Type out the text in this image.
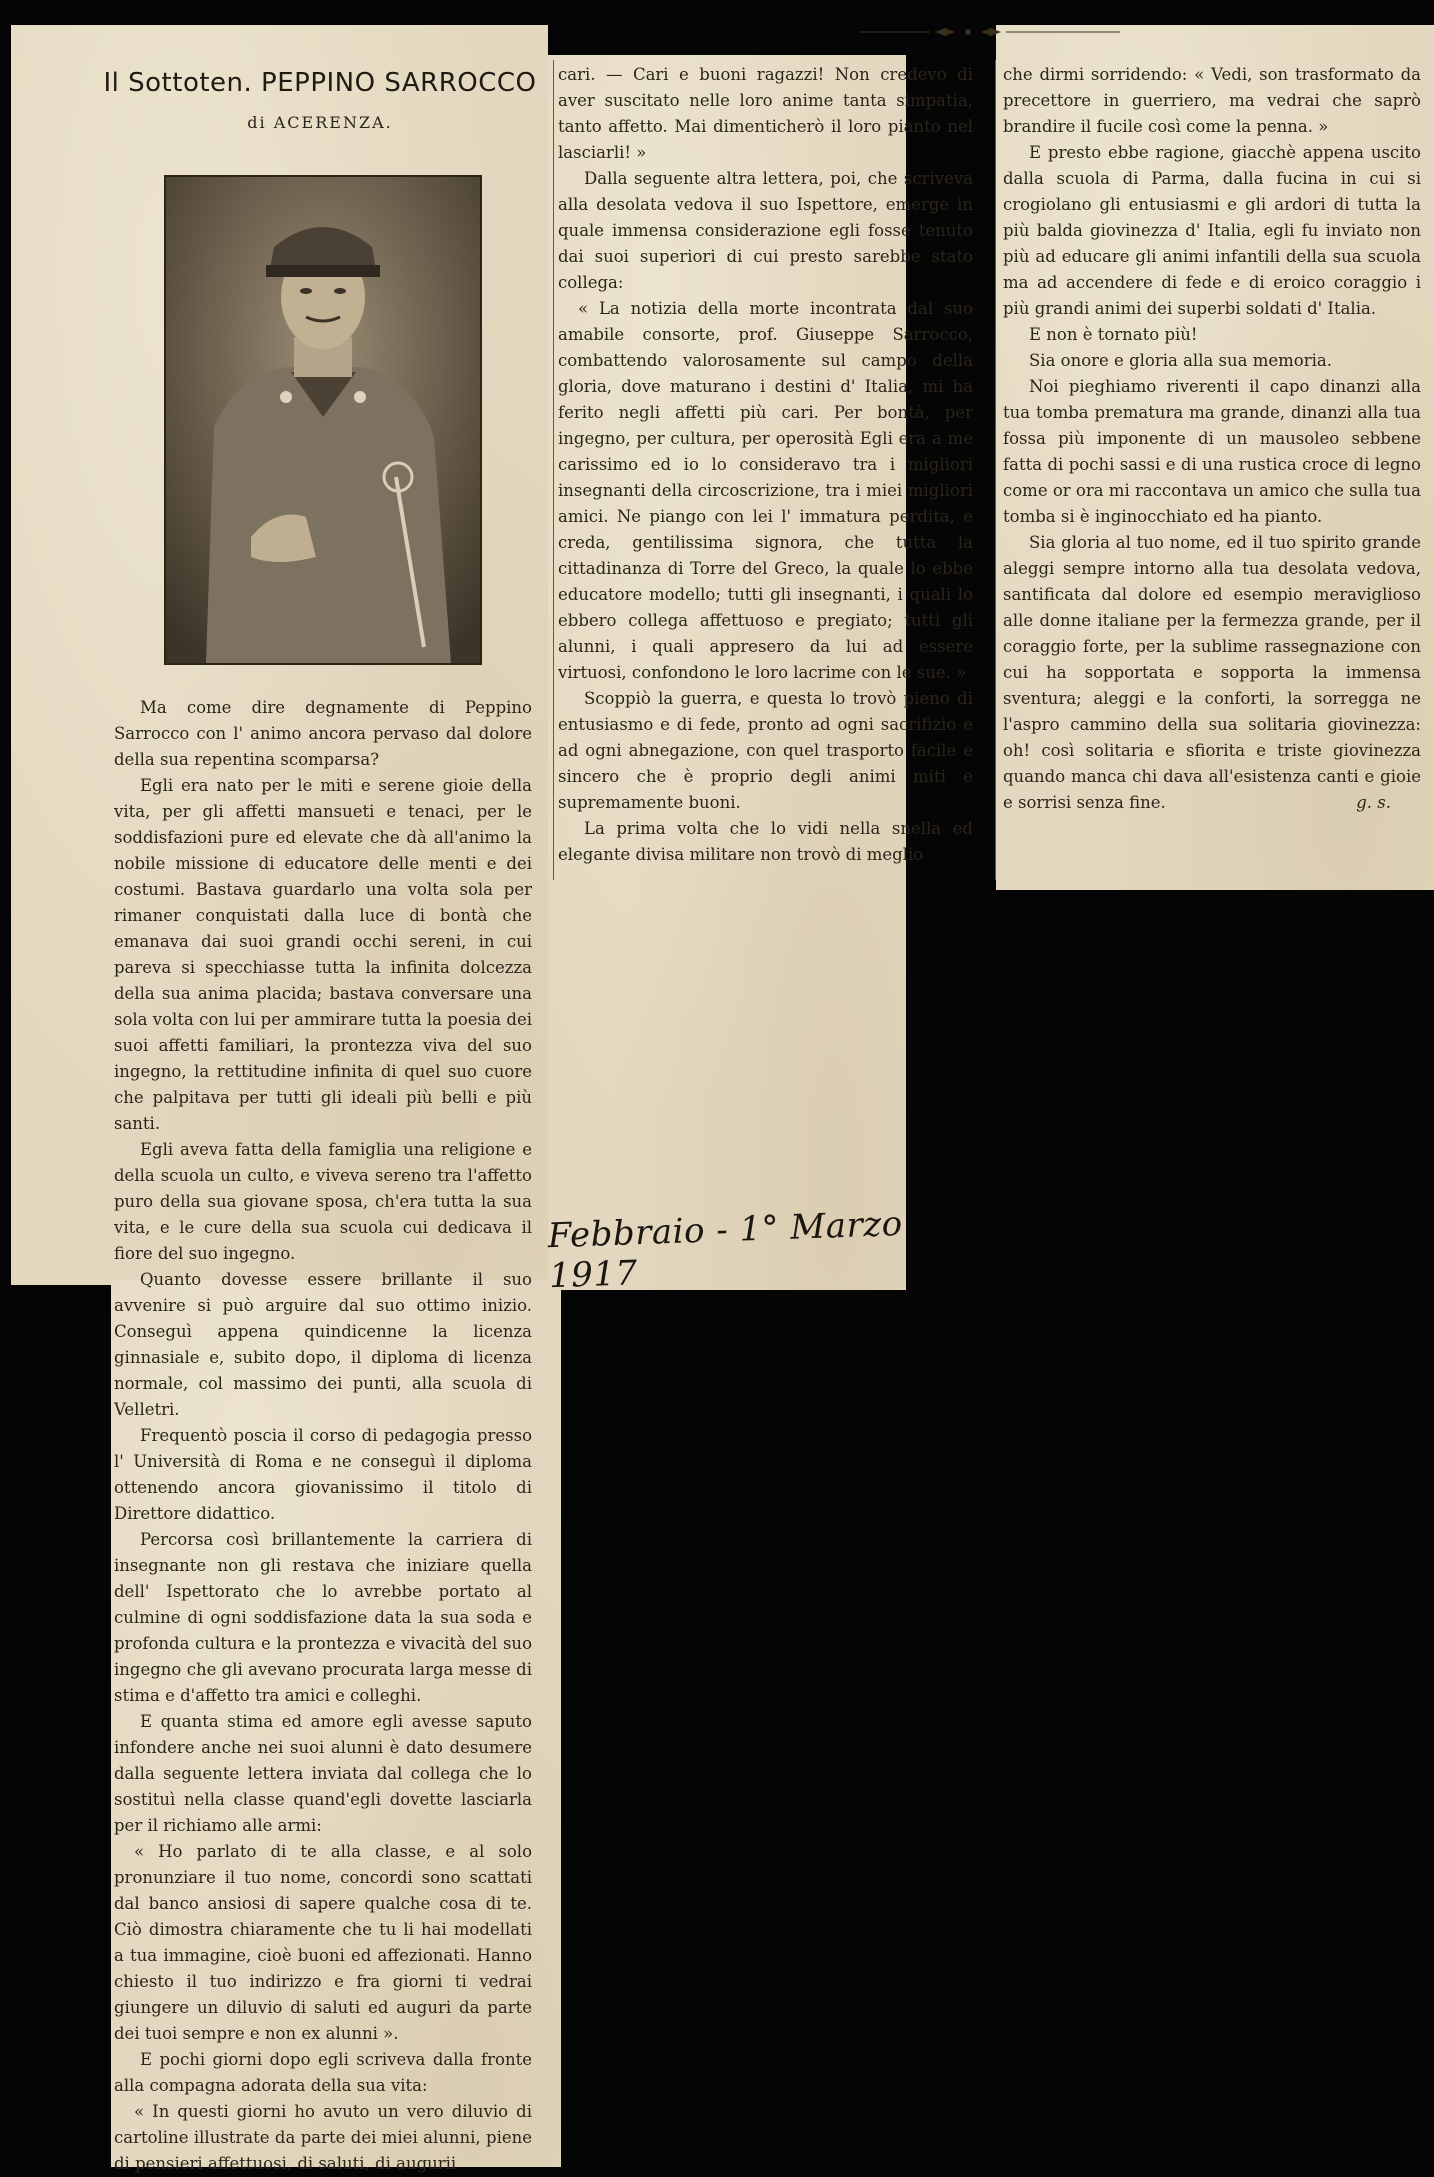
Il Sottoten. PEPPINO SARROCCO
di ACERENZA.

Ma come dire degnamente di Peppino Sarrocco con l' animo ancora pervaso dal dolore della sua repentina scomparsa?

Egli era nato per le miti e serene gioie della vita, per gli affetti mansueti e tenaci, per le soddisfazioni pure ed elevate che dà all'animo la nobile missione di educatore delle menti e dei costumi. Bastava guardarlo una volta sola per rimaner conquistati dalla luce di bontà che emanava dai suoi grandi occhi sereni, in cui pareva si specchiasse tutta la infinita dolcezza della sua anima placida; bastava conversare una sola volta con lui per ammirare tutta la poesia dei suoi affetti familiari, la prontezza viva del suo ingegno, la rettitudine infinita di quel suo cuore che palpitava per tutti gli ideali più belli e più santi.

Egli aveva fatta della famiglia una religione e della scuola un culto, e viveva sereno tra l'affetto puro della sua giovane sposa, ch'era tutta la sua vita, e le cure della sua scuola cui dedicava il fiore del suo ingegno.

Quanto dovesse essere brillante il suo avvenire si può arguire dal suo ottimo inizio. Conseguì appena quindicenne la licenza ginnasiale e, subito dopo, il diploma di licenza normale, col massimo dei punti, alla scuola di Velletri.

Frequentò poscia il corso di pedagogia presso l' Università di Roma e ne conseguì il diploma ottenendo ancora giovanissimo il titolo di Direttore didattico.

Percorsa così brillantemente la carriera di insegnante non gli restava che iniziare quella dell' Ispettorato che lo avrebbe portato al culmine di ogni soddisfazione data la sua soda e profonda cultura e la prontezza e vivacità del suo ingegno che gli avevano procurata larga messe di stima e d'affetto tra amici e colleghi.

E quanta stima ed amore egli avesse saputo infondere anche nei suoi alunni è dato desumere dalla seguente lettera inviata dal collega che lo sostituì nella classe quand'egli dovette lasciarla per il richiamo alle armi:

« Ho parlato di te alla classe, e al solo pronunziare il tuo nome, concordi sono scattati dal banco ansiosi di sapere qualche cosa di te. Ciò dimostra chiaramente che tu li hai modellati a tua immagine, cioè buoni ed affezionati. Hanno chiesto il tuo indirizzo e fra giorni ti vedrai giungere un diluvio di saluti ed auguri da parte dei tuoi sempre e non ex alunni ».

E pochi giorni dopo egli scriveva dalla fronte alla compagna adorata della sua vita:

« In questi giorni ho avuto un vero diluvio di cartoline illustrate da parte dei miei alunni, piene di pensieri affettuosi, di saluti, di augurii

cari. — Cari e buoni ragazzi! Non credevo di aver suscitato nelle loro anime tanta simpatia, tanto affetto. Mai dimenticherò il loro pianto nel lasciarli! »

Dalla seguente altra lettera, poi, che scriveva alla desolata vedova il suo Ispettore, emerge in quale immensa considerazione egli fosse tenuto dai suoi superiori di cui presto sarebbe stato collega:

« La notizia della morte incontrata dal suo amabile consorte, prof. Giuseppe Sarrocco, combattendo valorosamente sul campo della gloria, dove maturano i destini d' Italia, mi ha ferito negli affetti più cari. Per bontà, per ingegno, per cultura, per operosità Egli era a me carissimo ed io lo consideravo tra i migliori insegnanti della circoscrizione, tra i miei migliori amici. Ne piango con lei l' immatura perdita, e creda, gentilissima signora, che tutta la cittadinanza di Torre del Greco, la quale lo ebbe educatore modello; tutti gli insegnanti, i quali lo ebbero collega affettuoso e pregiato; tutti gli alunni, i quali appresero da lui ad essere virtuosi, confondono le loro lacrime con le sue. »

Scoppiò la guerra, e questa lo trovò pieno di entusiasmo e di fede, pronto ad ogni sacrifizio e ad ogni abnegazione, con quel trasporto facile e sincero che è proprio degli animi miti e supremamente buoni.

La prima volta che lo vidi nella snella ed elegante divisa militare non trovò di meglio

che dirmi sorridendo: « Vedi, son trasformato da precettore in guerriero, ma vedrai che saprò brandire il fucile così come la penna. »

E presto ebbe ragione, giacchè appena uscito dalla scuola di Parma, dalla fucina in cui si crogiolano gli entusiasmi e gli ardori di tutta la più balda giovinezza d' Italia, egli fu inviato non più ad educare gli animi infantili della sua scuola ma ad accendere di fede e di eroico coraggio i più grandi animi dei superbi soldati d' Italia.

E non è tornato più!

Sia onore e gloria alla sua memoria.

Noi pieghiamo riverenti il capo dinanzi alla tua tomba prematura ma grande, dinanzi alla tua fossa più imponente di un mausoleo sebbene fatta di pochi sassi e di una rustica croce di legno come or ora mi raccontava un amico che sulla tua tomba si è inginocchiato ed ha pianto.

Sia gloria al tuo nome, ed il tuo spirito grande aleggi sempre intorno alla tua desolata vedova, santificata dal dolore ed esempio meraviglioso alle donne italiane per la fermezza grande, per il coraggio forte, per la sublime rassegnazione con cui ha sopportata e sopporta la immensa sventura; aleggi e la conforti, la sorregga ne l'aspro cammino della sua solitaria giovinezza: oh! così solitaria e sfiorita e triste giovinezza quando manca chi dava all'esistenza canti e gioie e sorrisi senza fine.	g. s.

Febbraio - 1° Marzo 1917
